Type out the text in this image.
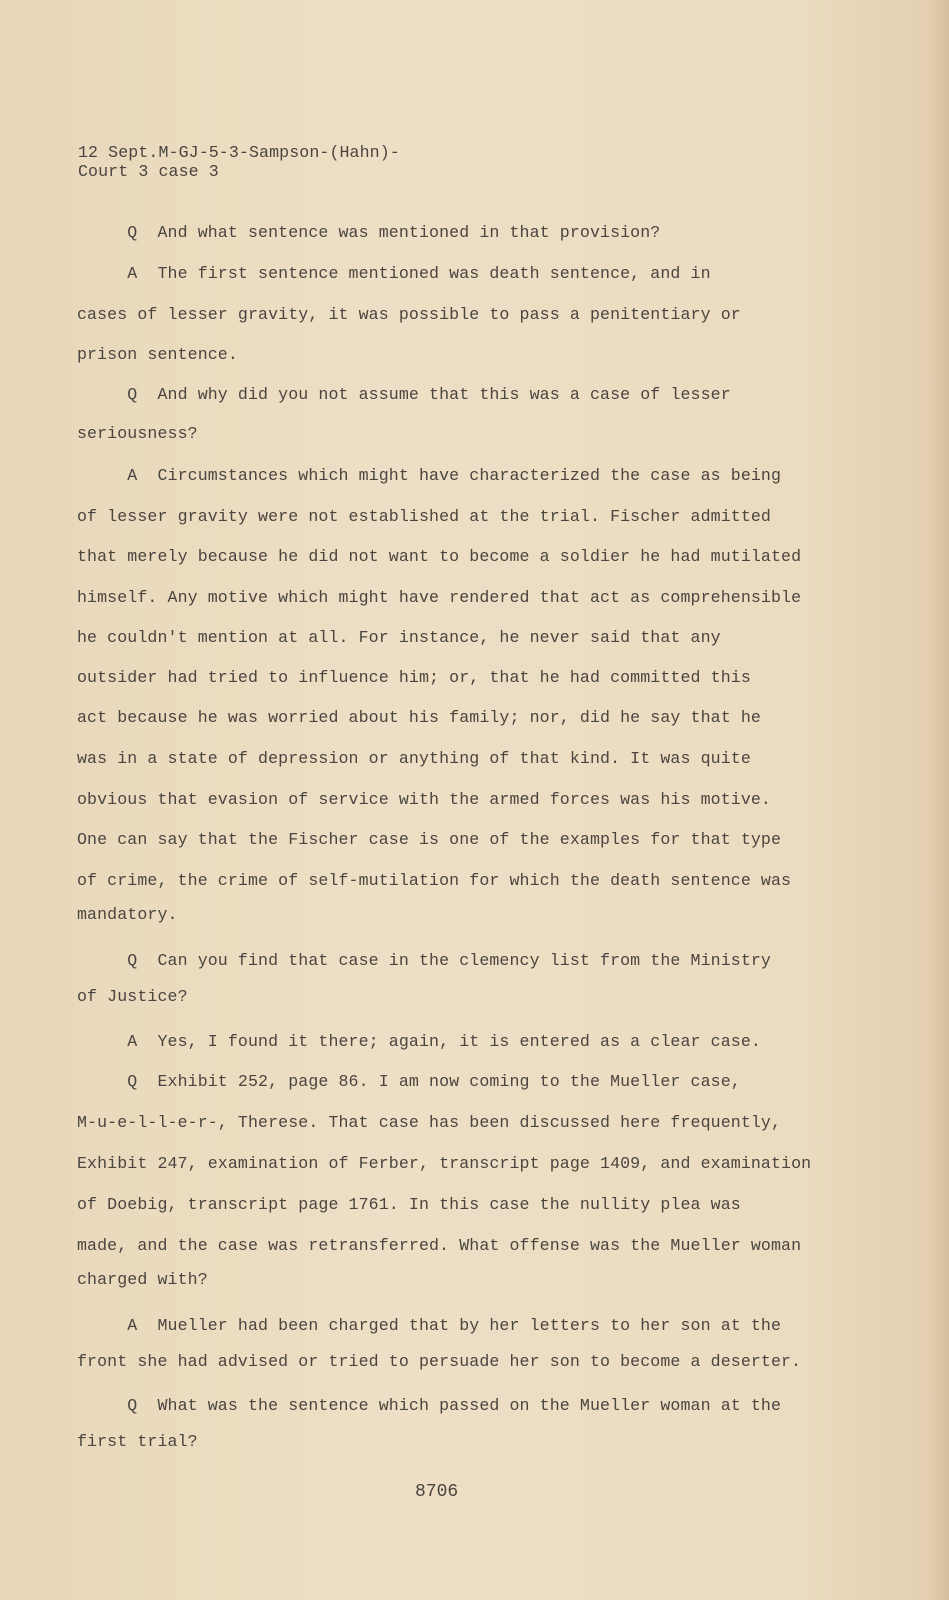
12 Sept.M-GJ-5-3-Sampson-(Hahn)-
Court 3 case 3
Q  And what sentence was mentioned in that provision?
A  The first sentence mentioned was death sentence, and in
cases of lesser gravity, it was possible to pass a penitentiary or
prison sentence.
Q  And why did you not assume that this was a case of lesser
seriousness?
A  Circumstances which might have characterized the case as being
of lesser gravity were not established at the trial. Fischer admitted
that merely because he did not want to become a soldier he had mutilated
himself. Any motive which might have rendered that act as comprehensible
he couldn't mention at all. For instance, he never said that any
outsider had tried to influence him; or, that he had committed this
act because he was worried about his family; nor, did he say that he
was in a state of depression or anything of that kind. It was quite
obvious that evasion of service with the armed forces was his motive.
One can say that the Fischer case is one of the examples for that type
of crime, the crime of self-mutilation for which the death sentence was
mandatory.
Q  Can you find that case in the clemency list from the Ministry
of Justice?
A  Yes, I found it there; again, it is entered as a clear case.
Q  Exhibit 252, page 86. I am now coming to the Mueller case,
M-u-e-l-l-e-r-, Therese. That case has been discussed here frequently,
Exhibit 247, examination of Ferber, transcript page 1409, and examination
of Doebig, transcript page 1761. In this case the nullity plea was
made, and the case was retransferred. What offense was the Mueller woman
charged with?
A  Mueller had been charged that by her letters to her son at the
front she had advised or tried to persuade her son to become a deserter.
Q  What was the sentence which passed on the Mueller woman at the
first trial?
8706
